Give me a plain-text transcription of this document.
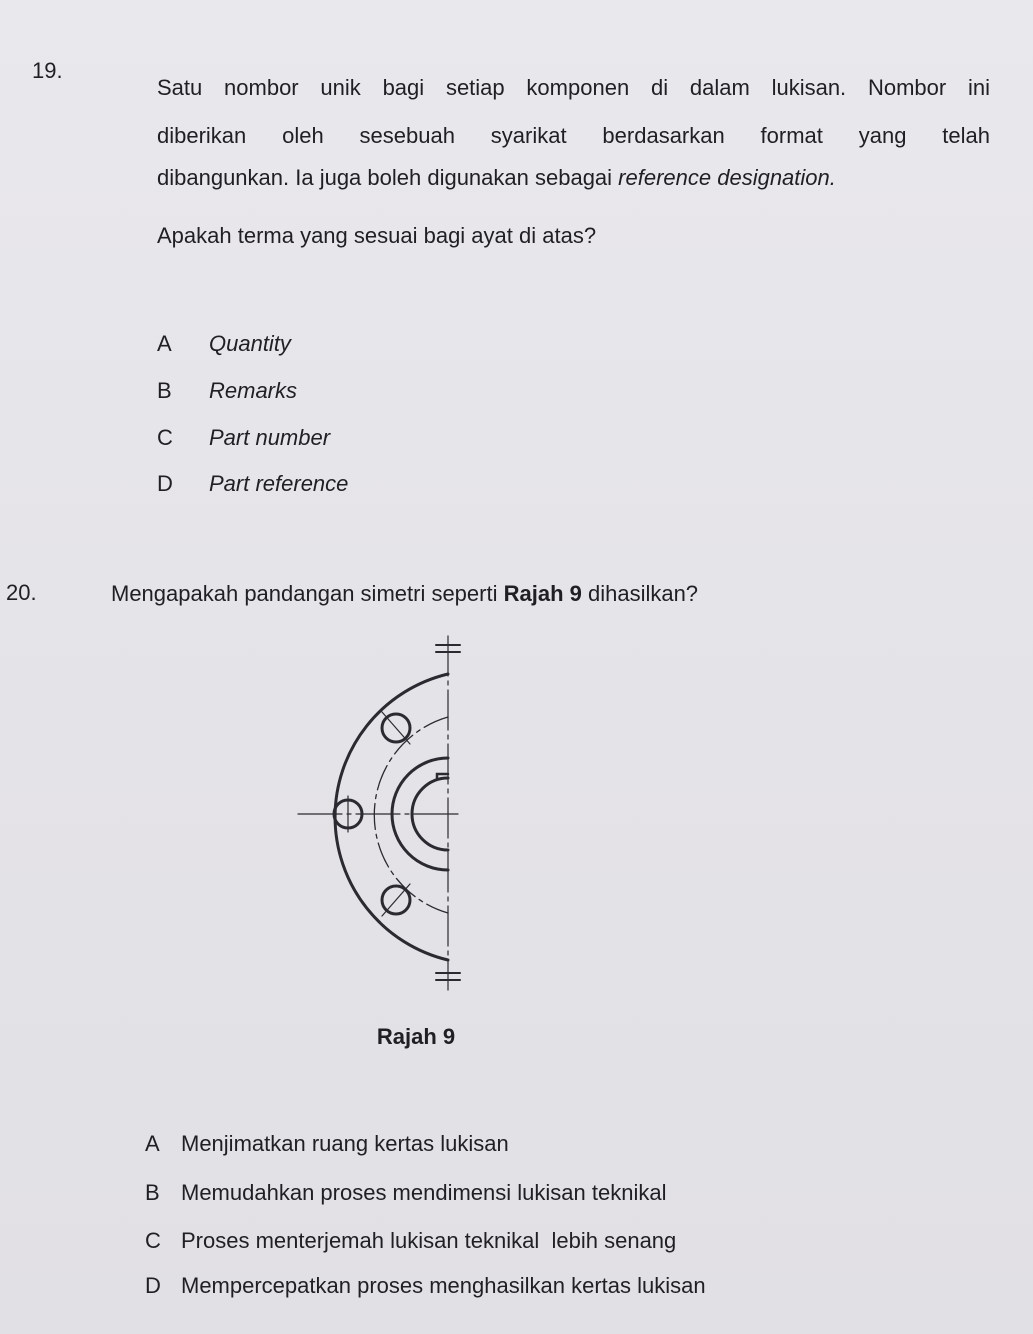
19.
Satu nombor unik bagi setiap komponen di dalam lukisan. Nombor ini
diberikan oleh sesebuah syarikat berdasarkan format yang telah
dibangunkan. Ia juga boleh digunakan sebagai reference designation.
Apakah terma yang sesuai bagi ayat di atas?
A Quantity
B Remarks
C Part number
D Part reference
20.	Mengapakah pandangan simetri seperti Rajah 9 dihasilkan?
Rajah 9
A Menjimatkan ruang kertas lukisan
B Memudahkan proses mendimensi lukisan teknikal
C Proses menterjemah lukisan teknikal  lebih senang
D Mempercepatkan proses menghasilkan kertas lukisan
